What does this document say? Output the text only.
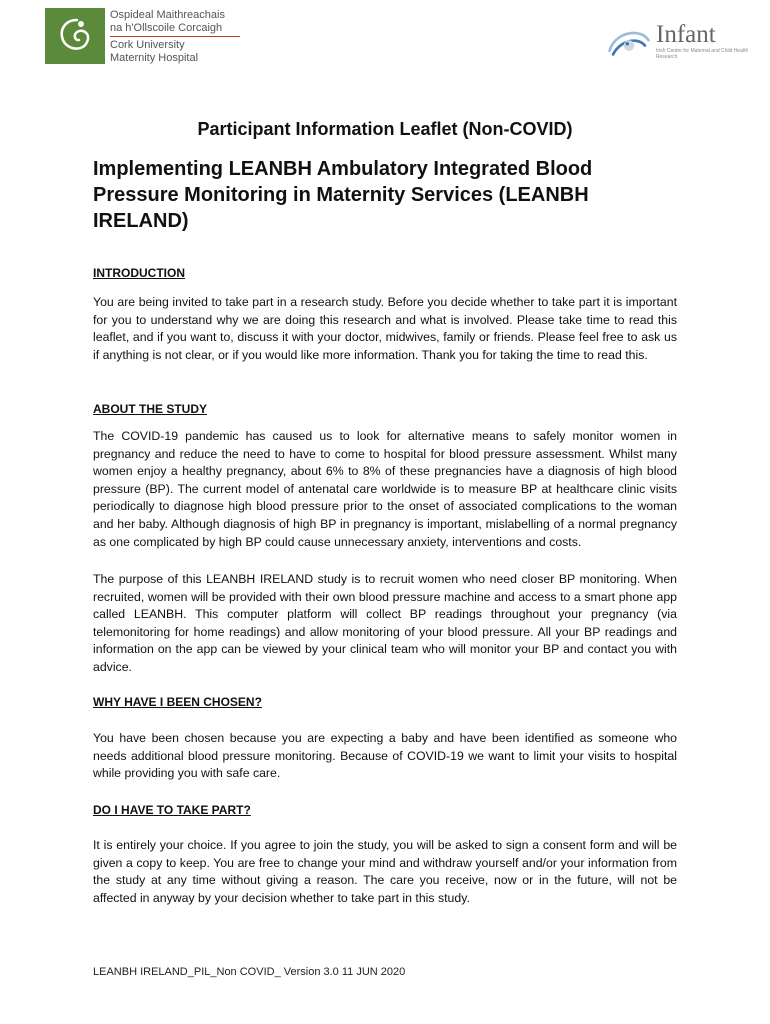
Ospideal Maithreachais
na h'Ollscoile Corcaigh
Cork University
Maternity Hospital
Infant
Irish Centre for Maternal and Child Health Research
Participant Information Leaflet (Non-COVID)
Implementing LEANBH Ambulatory Integrated Blood Pressure Monitoring in Maternity Services (LEANBH IRELAND)
INTRODUCTION

You are being invited to take part in a research study. Before you decide whether to take part it is important for you to understand why we are doing this research and what is involved. Please take time to read this leaflet, and if you want to, discuss it with your doctor, midwives, family or friends. Please feel free to ask us if anything is not clear, or if you would like more information. Thank you for taking the time to read this.

ABOUT THE STUDY

The COVID-19 pandemic has caused us to look for alternative means to safely monitor women in pregnancy and reduce the need to have to come to hospital for blood pressure assessment. Whilst many women enjoy a healthy pregnancy, about 6% to 8% of these pregnancies have a diagnosis of high blood pressure (BP). The current model of antenatal care worldwide is to measure BP at healthcare clinic visits periodically to diagnose high blood pressure prior to the onset of associated complications to the woman and her baby. Although diagnosis of high BP in pregnancy is important, mislabelling of a normal pregnancy as one complicated by high BP could cause unnecessary anxiety, interventions and costs.

The purpose of this LEANBH IRELAND study is to recruit women who need closer BP monitoring. When recruited, women will be provided with their own blood pressure machine and access to a smart phone app called LEANBH. This computer platform will collect BP readings throughout your pregnancy (via telemonitoring for home readings) and allow monitoring of your blood pressure. All your BP readings and information on the app can be viewed by your clinical team who will monitor your BP and contact you with advice.

WHY HAVE I BEEN CHOSEN?

You have been chosen because you are expecting a baby and have been identified as someone who needs additional blood pressure monitoring. Because of COVID-19 we want to limit your visits to hospital while providing you with safe care.

DO I HAVE TO TAKE PART?

It is entirely your choice. If you agree to join the study, you will be asked to sign a consent form and will be given a copy to keep. You are free to change your mind and withdraw yourself and/or your information from the study at any time without giving a reason. The care you receive, now or in the future, will not be affected in anyway by your decision whether to take part in this study.

LEANBH IRELAND_PIL_Non COVID_ Version 3.0 11 JUN 2020
